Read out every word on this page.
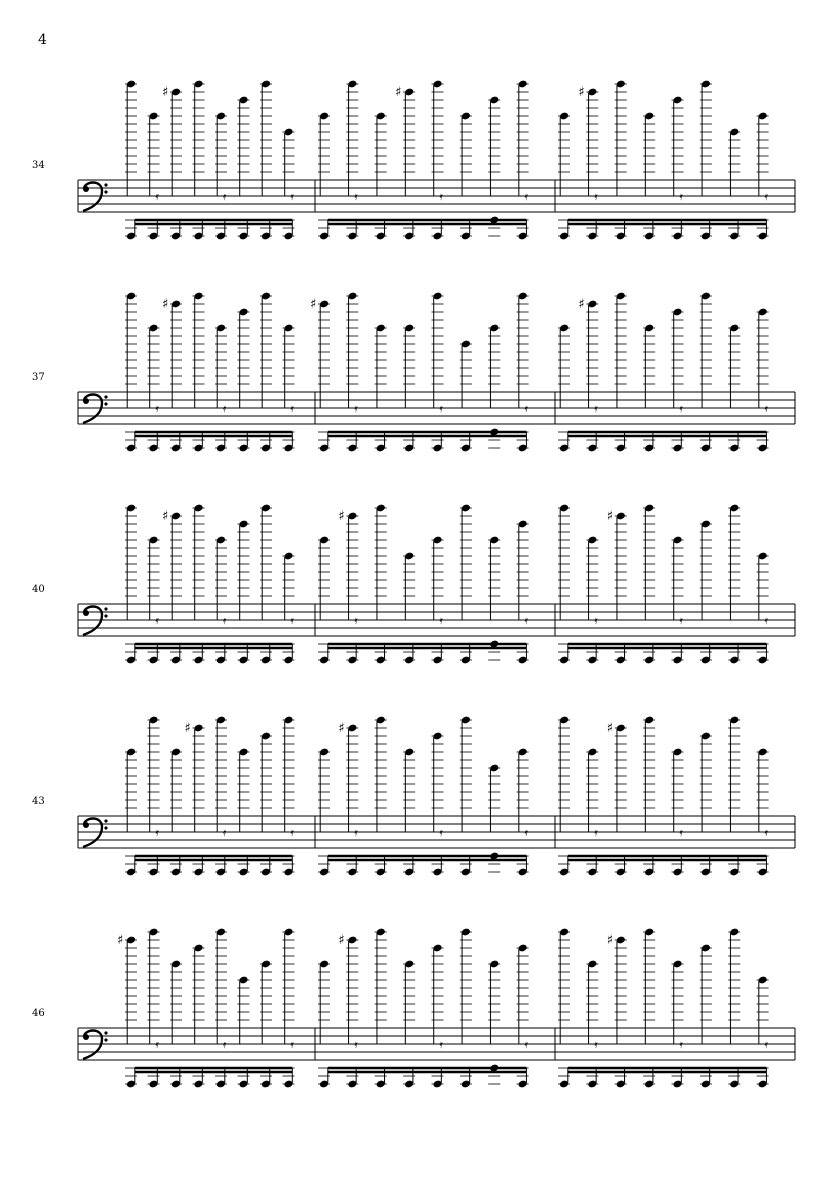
4
34
𝄿
♯
𝄿	𝄿	𝄿
♯
𝄿	𝄿
♯
𝄿	𝄿	𝄿
37
𝄿
♯
𝄿	𝄿
♯
𝄿	𝄿	𝄿
♯
𝄿	𝄿	𝄿
40
𝄿
♯
𝄿	𝄿
♯
𝄿	𝄿	𝄿	𝄿
♯
𝄿	𝄿
43
𝄿
♯
𝄿	𝄿
♯
𝄿	𝄿	𝄿	𝄿
♯
𝄿	𝄿
46
♯
𝄿	𝄿	𝄿
♯
𝄿	𝄿	𝄿	𝄿
♯
𝄿	𝄿
